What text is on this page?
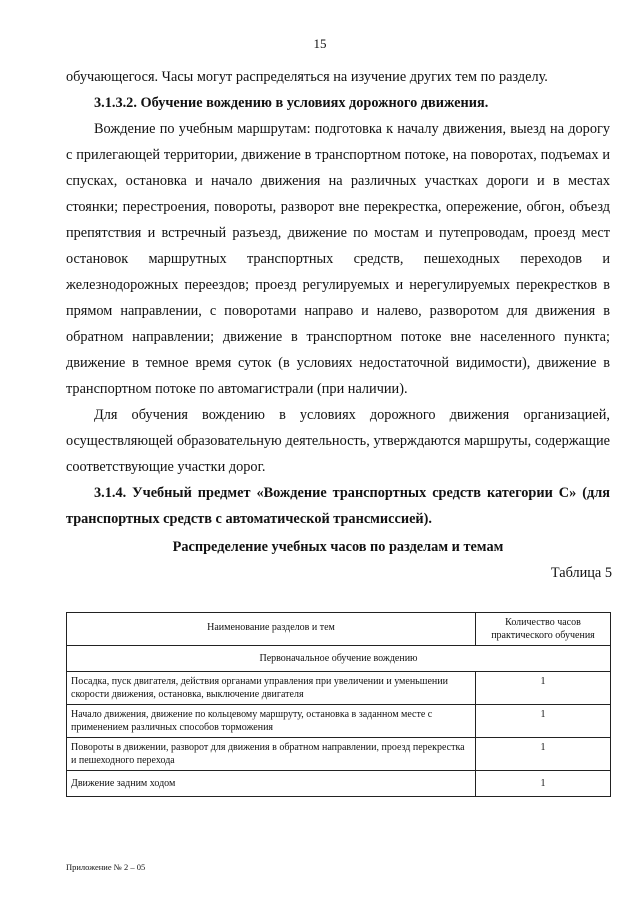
15

обучающегося. Часы могут распределяться на изучение других тем по разделу.

3.1.3.2. Обучение вождению в условиях дорожного движения.

Вождение по учебным маршрутам: подготовка к началу движения, выезд на дорогу с прилегающей территории, движение в транспортном потоке, на поворотах, подъемах и спусках, остановка и начало движения на различных участках дороги и в местах стоянки; перестроения, повороты, разворот вне перекрестка, опережение, обгон, объезд препятствия и встречный разъезд, движение по мостам и путепроводам, проезд мест остановок маршрутных транспортных средств, пешеходных переходов и железнодорожных переездов; проезд регулируемых и нерегулируемых перекрестков в прямом направлении, с поворотами направо и налево, разворотом для движения в обратном направлении; движение в транспортном потоке вне населенного пункта; движение в темное время суток (в условиях недостаточной видимости), движение в транспортном потоке по автомагистрали (при наличии).

Для обучения вождению в условиях дорожного движения организацией, осуществляющей образовательную деятельность, утверждаются маршруты, содержащие соответствующие участки дорог.

3.1.4. Учебный предмет «Вождение транспортных средств категории С» (для транспортных средств с автоматической трансмиссией).

Распределение учебных часов по разделам и темам

Таблица 5

Наименование разделов и тем	Количество часов практического обучения
Первоначальное обучение вождению	
Посадка, пуск двигателя, действия органами управления при увеличении и уменьшении скорости движения, остановка, выключение двигателя	1
Начало движения, движение по кольцевому маршруту, остановка в заданном месте с применением различных способов торможения	1
Повороты в движении, разворот для движения в обратном направлении, проезд перекрестка и пешеходного перехода	1
Движение задним ходом	1
Приложение № 2 – 05
